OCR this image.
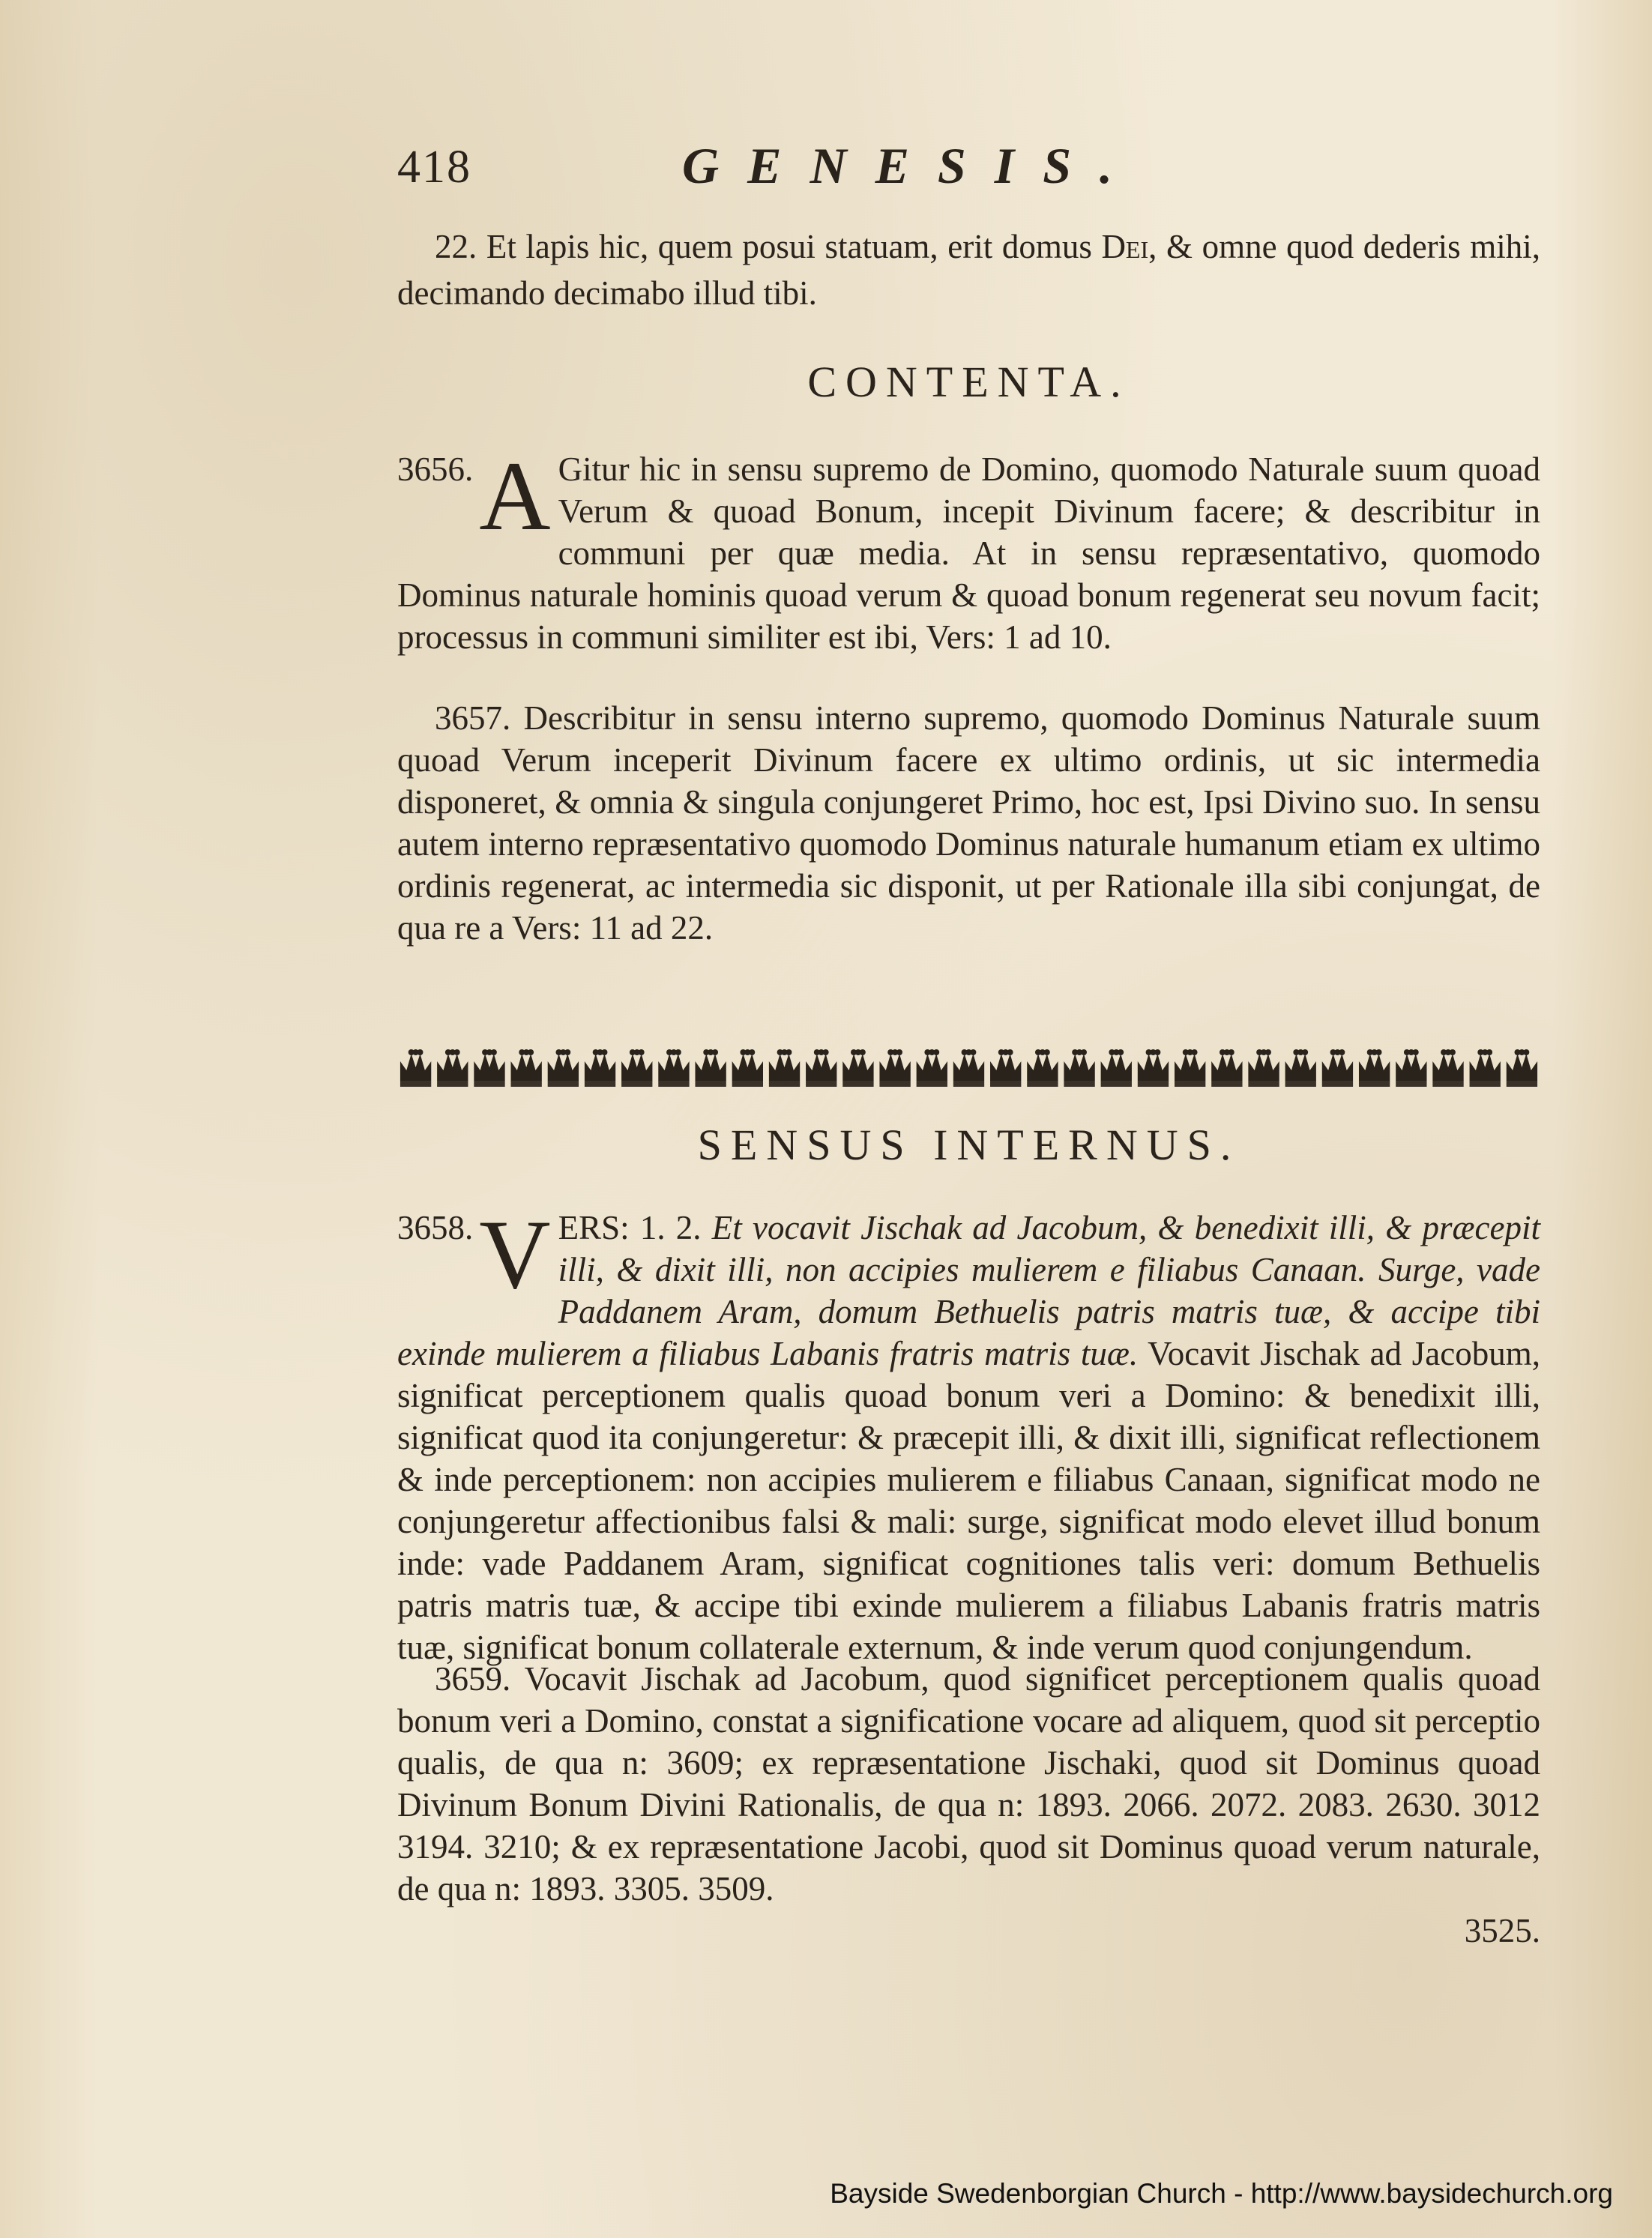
418	GENESIS.

22. Et lapis hic, quem posui statuam, erit domus Dei, & omne quod dederis mihi, decimando decimabo illud tibi.

CONTENTA.

3656. A Gitur hic in sensu supremo de Domino, quomodo Naturale suum quoad Verum & quoad Bonum, incepit Divinum facere; & describitur in communi per quæ media. At in sensu repræsentativo, quomodo Dominus naturale hominis quoad verum & quoad bonum regenerat seu novum facit; processus in communi similiter est ibi, Vers: 1 ad 10.

3657. Describitur in sensu interno supremo, quomodo Dominus Naturale suum quoad Verum inceperit Divinum facere ex ultimo ordinis, ut sic intermedia disponeret, & omnia & singula conjungeret Primo, hoc est, Ipsi Divino suo. In sensu autem interno repræsentativo quomodo Dominus naturale humanum etiam ex ultimo ordinis regenerat, ac intermedia sic disponit, ut per Rationale illa sibi conjungat, de qua re a Vers: 11 ad 22.

SENSUS INTERNUS.

3658. V ERS: 1. 2. Et vocavit Jischak ad Jacobum, & benedixit illi, & præcepit illi, & dixit illi, non accipies mulierem e filiabus Canaan. Surge, vade Paddanem Aram, domum Bethuelis patris matris tuæ, & accipe tibi exinde mulierem a filiabus Labanis fratris matris tuæ. Vocavit Jischak ad Jacobum, significat perceptionem qualis quoad bonum veri a Domino: & benedixit illi, significat quod ita conjungeretur: & præcepit illi, & dixit illi, significat reflectionem & inde perceptionem: non accipies mulierem e filiabus Canaan, significat modo ne conjungeretur affectionibus falsi & mali: surge, significat modo elevet illud bonum inde: vade Paddanem Aram, significat cognitiones talis veri: domum Bethuelis patris matris tuæ, & accipe tibi exinde mulierem a filiabus Labanis fratris matris tuæ, significat bonum collaterale externum, & inde verum quod conjungendum.

3659. Vocavit Jischak ad Jacobum, quod significet perceptionem qualis quoad bonum veri a Domino, constat a significatione vocare ad aliquem, quod sit perceptio qualis, de qua n: 3609; ex repræsentatione Jischaki, quod sit Dominus quoad Divinum Bonum Divini Rationalis, de qua n: 1893. 2066. 2072. 2083. 2630. 3012 3194. 3210; & ex repræsentatione Jacobi, quod sit Dominus quoad verum naturale, de qua n: 1893. 3305. 3509.

3525.
Bayside Swedenborgian Church - http://www.baysidechurch.org
